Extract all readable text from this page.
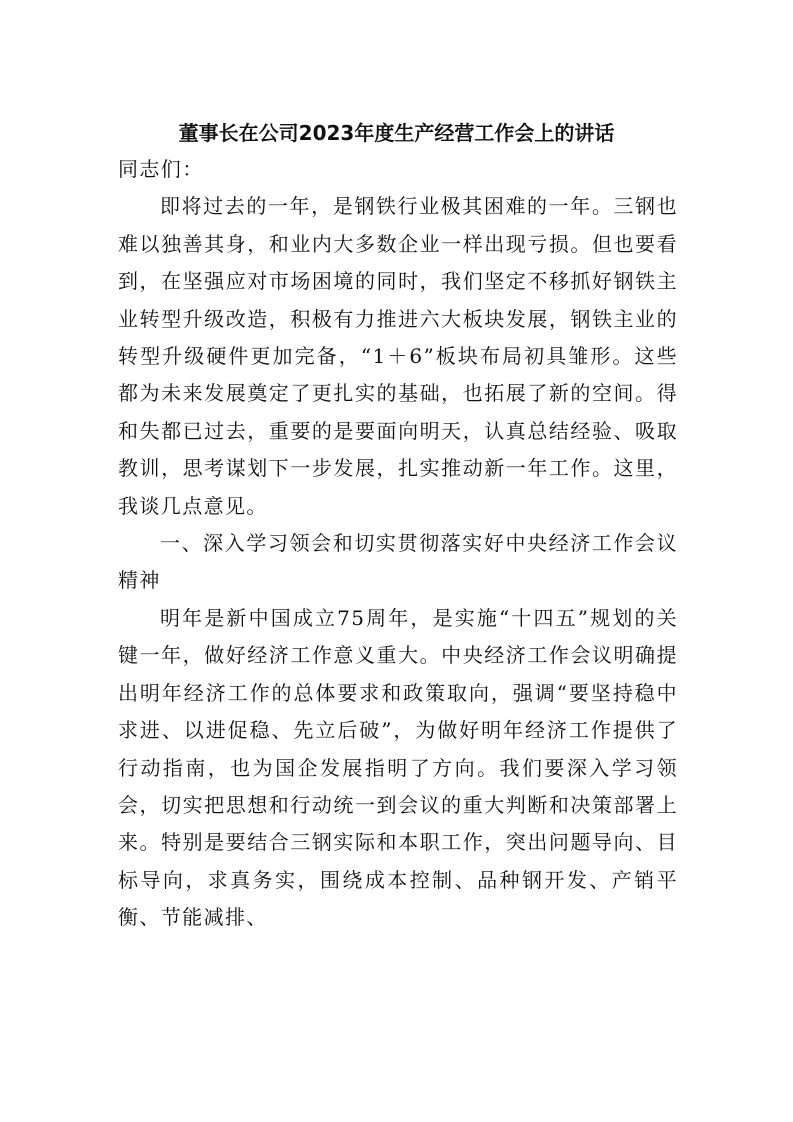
董事长在公司2023年度生产经营工作会上的讲话

同志们：

即将过去的一年，是钢铁行业极其困难的一年。三钢也难以独善其身，和业内大多数企业一样出现亏损。但也要看到，在坚强应对市场困境的同时，我们坚定不移抓好钢铁主业转型升级改造，积极有力推进六大板块发展，钢铁主业的转型升级硬件更加完备，“1＋6”板块布局初具雏形。这些都为未来发展奠定了更扎实的基础，也拓展了新的空间。得和失都已过去，重要的是要面向明天，认真总结经验、吸取教训，思考谋划下一步发展，扎实推动新一年工作。这里，我谈几点意见。

一、深入学习领会和切实贯彻落实好中央经济工作会议精神

明年是新中国成立75周年，是实施“十四五”规划的关键一年，做好经济工作意义重大。中央经济工作会议明确提出明年经济工作的总体要求和政策取向，强调“要坚持稳中求进、以进促稳、先立后破”，为做好明年经济工作提供了行动指南，也为国企发展指明了方向。我们要深入学习领会，切实把思想和行动统一到会议的重大判断和决策部署上来。特别是要结合三钢实际和本职工作，突出问题导向、目标导向，求真务实，围绕成本控制、品种钢开发、产销平衡、节能减排、
